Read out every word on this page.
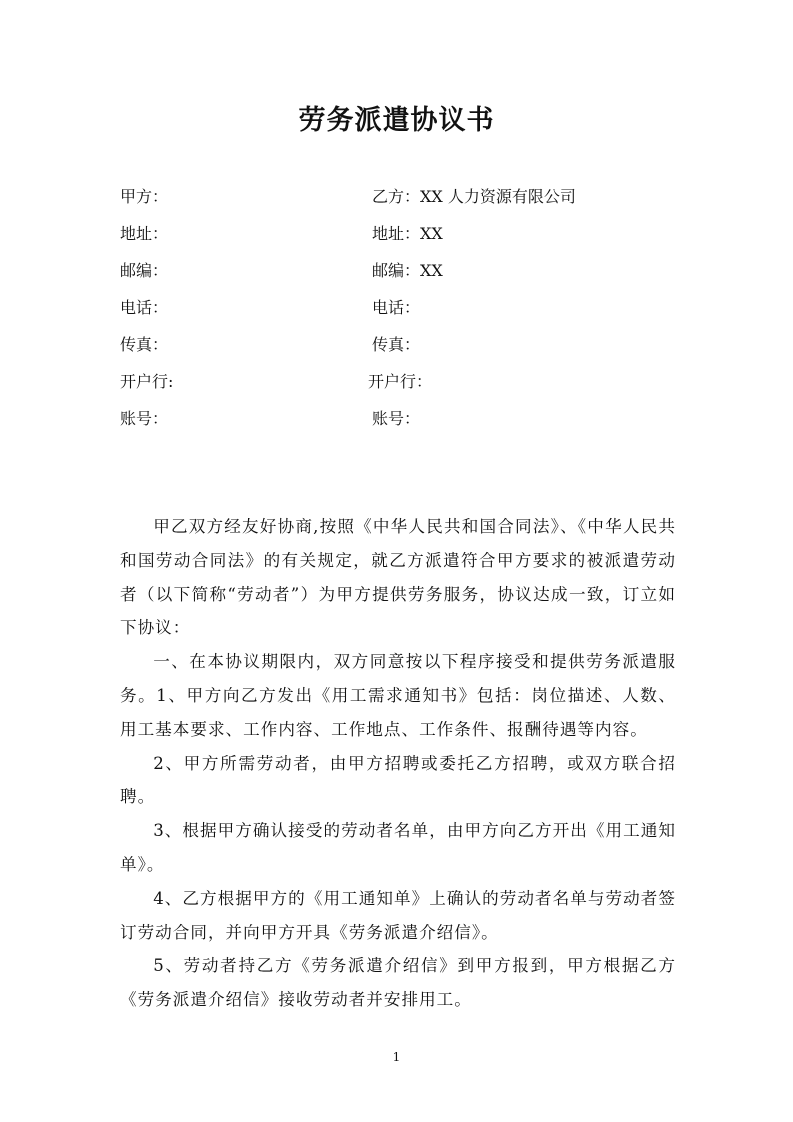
劳务派遣协议书
甲方：	乙方：XX 人力资源有限公司
地址：	地址：XX
邮编：	邮编：XX
电话：	电话：
传真：	传真：
开户行:	开户行：
账号：	账号：

甲乙双方经友好协商,按照《中华人民共和国合同法》、《中华人民共和国劳动合同法》的有关规定，就乙方派遣符合甲方要求的被派遣劳动者（以下简称“劳动者”）为甲方提供劳务服务，协议达成一致，订立如下协议：

一、在本协议期限内，双方同意按以下程序接受和提供劳务派遣服务。1、甲方向乙方发出《用工需求通知书》包括：岗位描述、人数、用工基本要求、工作内容、工作地点、工作条件、报酬待遇等内容。

2、甲方所需劳动者，由甲方招聘或委托乙方招聘，或双方联合招聘。

3、根据甲方确认接受的劳动者名单，由甲方向乙方开出《用工通知单》。

4、乙方根据甲方的《用工通知单》上确认的劳动者名单与劳动者签订劳动合同，并向甲方开具《劳务派遣介绍信》。

5、劳动者持乙方《劳务派遣介绍信》到甲方报到，甲方根据乙方《劳务派遣介绍信》接收劳动者并安排用工。

1
